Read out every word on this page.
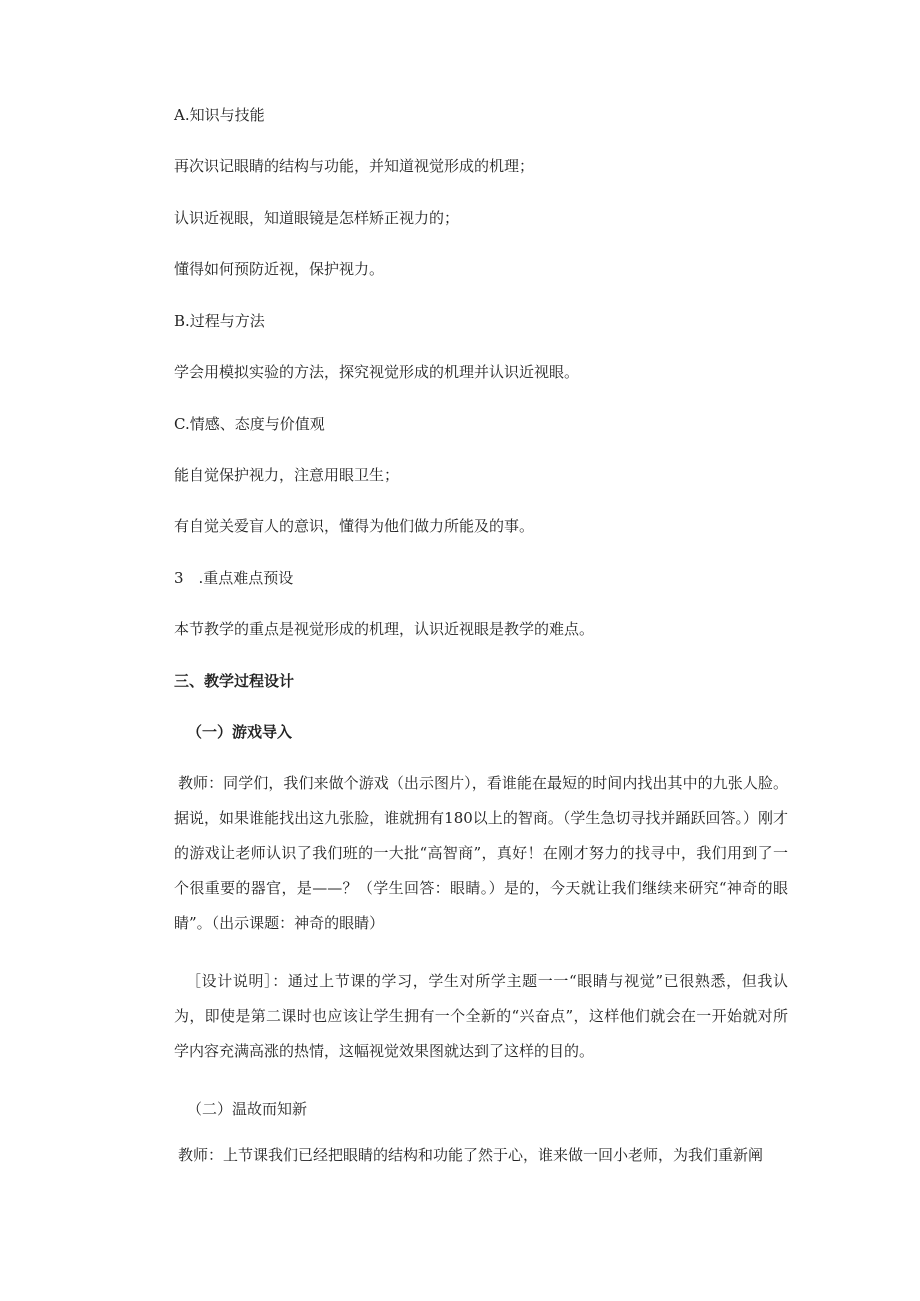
A.知识与技能
再次识记眼睛的结构与功能，并知道视觉形成的机理；
认识近视眼，知道眼镜是怎样矫正视力的；
懂得如何预防近视，保护视力。
B.过程与方法
学会用模拟实验的方法，探究视觉形成的机理并认识近视眼。
C.情感、态度与价值观
能自觉保护视力，注意用眼卫生；
有自觉关爱盲人的意识，懂得为他们做力所能及的事。
3　.重点难点预设
本节教学的重点是视觉形成的机理，认识近视眼是教学的难点。
三、教学过程设计
（一）游戏导入
教师：同学们，我们来做个游戏（出示图片），看谁能在最短的时间内找出其中的九张人脸。据说，如果谁能找出这九张脸，谁就拥有180以上的智商。（学生急切寻找并踊跃回答。）刚才的游戏让老师认识了我们班的一大批“高智商”，真好！在刚才努力的找寻中，我们用到了一个很重要的器官，是——？（学生回答：眼睛。）是的，今天就让我们继续来研究“神奇的眼睛”。（出示课题：神奇的眼睛）
［设计说明］：通过上节课的学习，学生对所学主题一一“眼睛与视觉”已很熟悉，但我认为，即使是第二课时也应该让学生拥有一个全新的“兴奋点”，这样他们就会在一开始就对所学内容充满高涨的热情，这幅视觉效果图就达到了这样的目的。
（二）温故而知新
教师：上节课我们已经把眼睛的结构和功能了然于心，谁来做一回小老师，为我们重新阐
